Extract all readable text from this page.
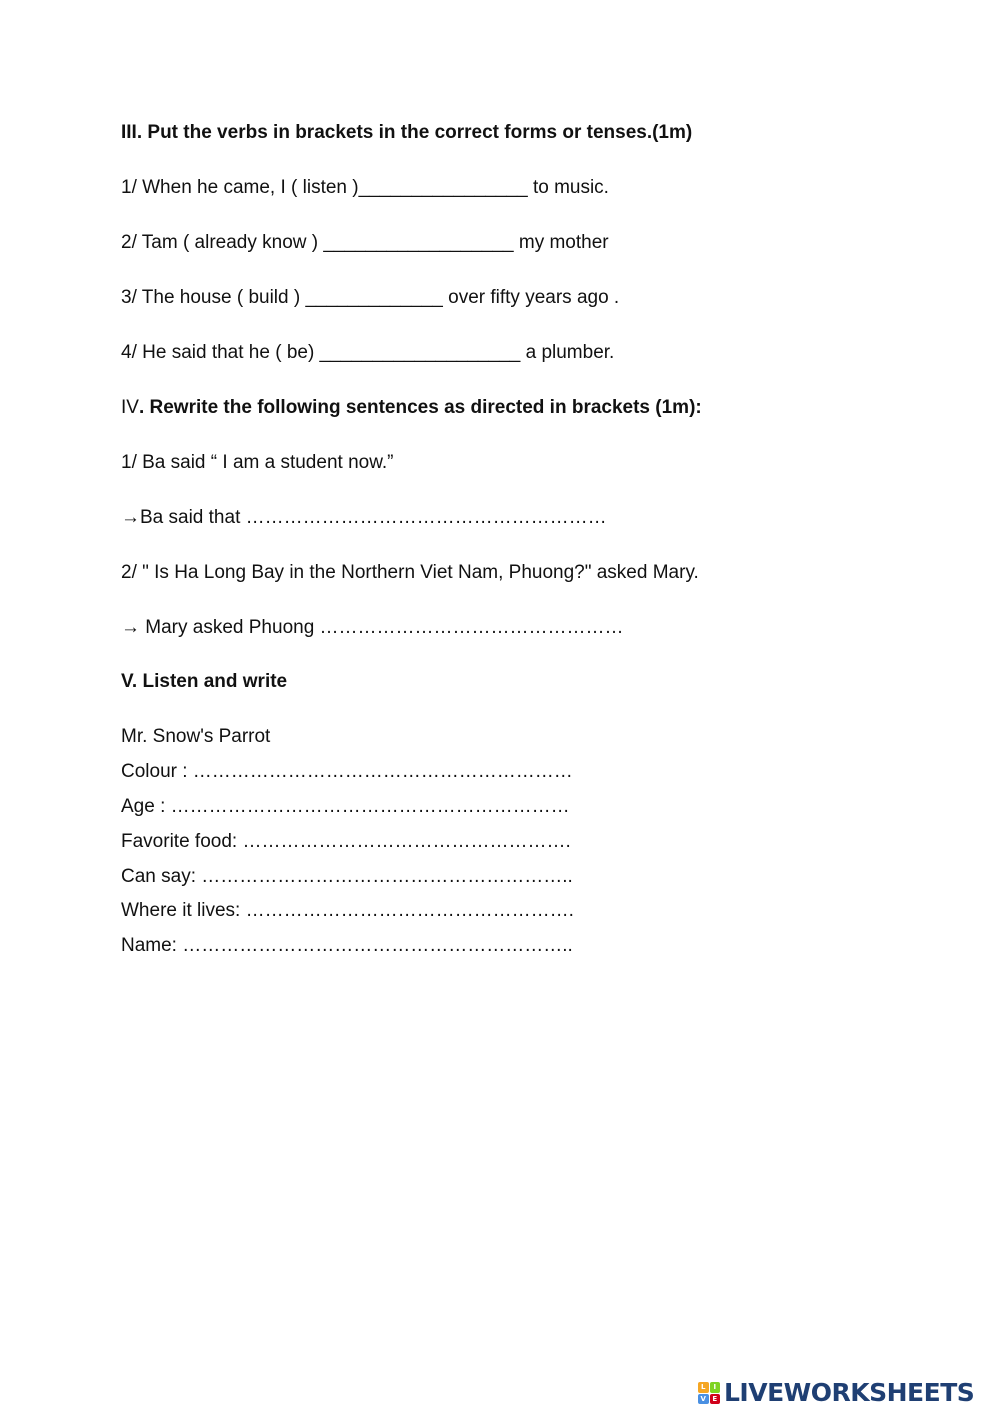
III. Put the verbs in brackets in the correct forms or tenses.(1m)
1/ When he came, I ( listen )________________ to music.
2/ Tam ( already know ) __________________ my mother
3/ The house ( build ) _____________ over fifty years ago .
4/ He said that he ( be) ___________________ a plumber.
IV. Rewrite the following sentences as directed in brackets (1m):
1/ Ba said “ I am a student now.”
→Ba said that …………………………………………………
2/ " Is Ha Long Bay in the Northern Viet Nam, Phuong?" asked Mary.
→ Mary asked Phuong …………………………………………
V. Listen and write
Mr. Snow's Parrot
Colour : ……………………………………………………
Age : ………………………………………………………
Favorite food: …………………………………………….
Can say: …………………………………………………..
Where it lives: …………………………………………….
Name: ……………………………………………………..
L	I
V E LIVEWORKSHEETS
